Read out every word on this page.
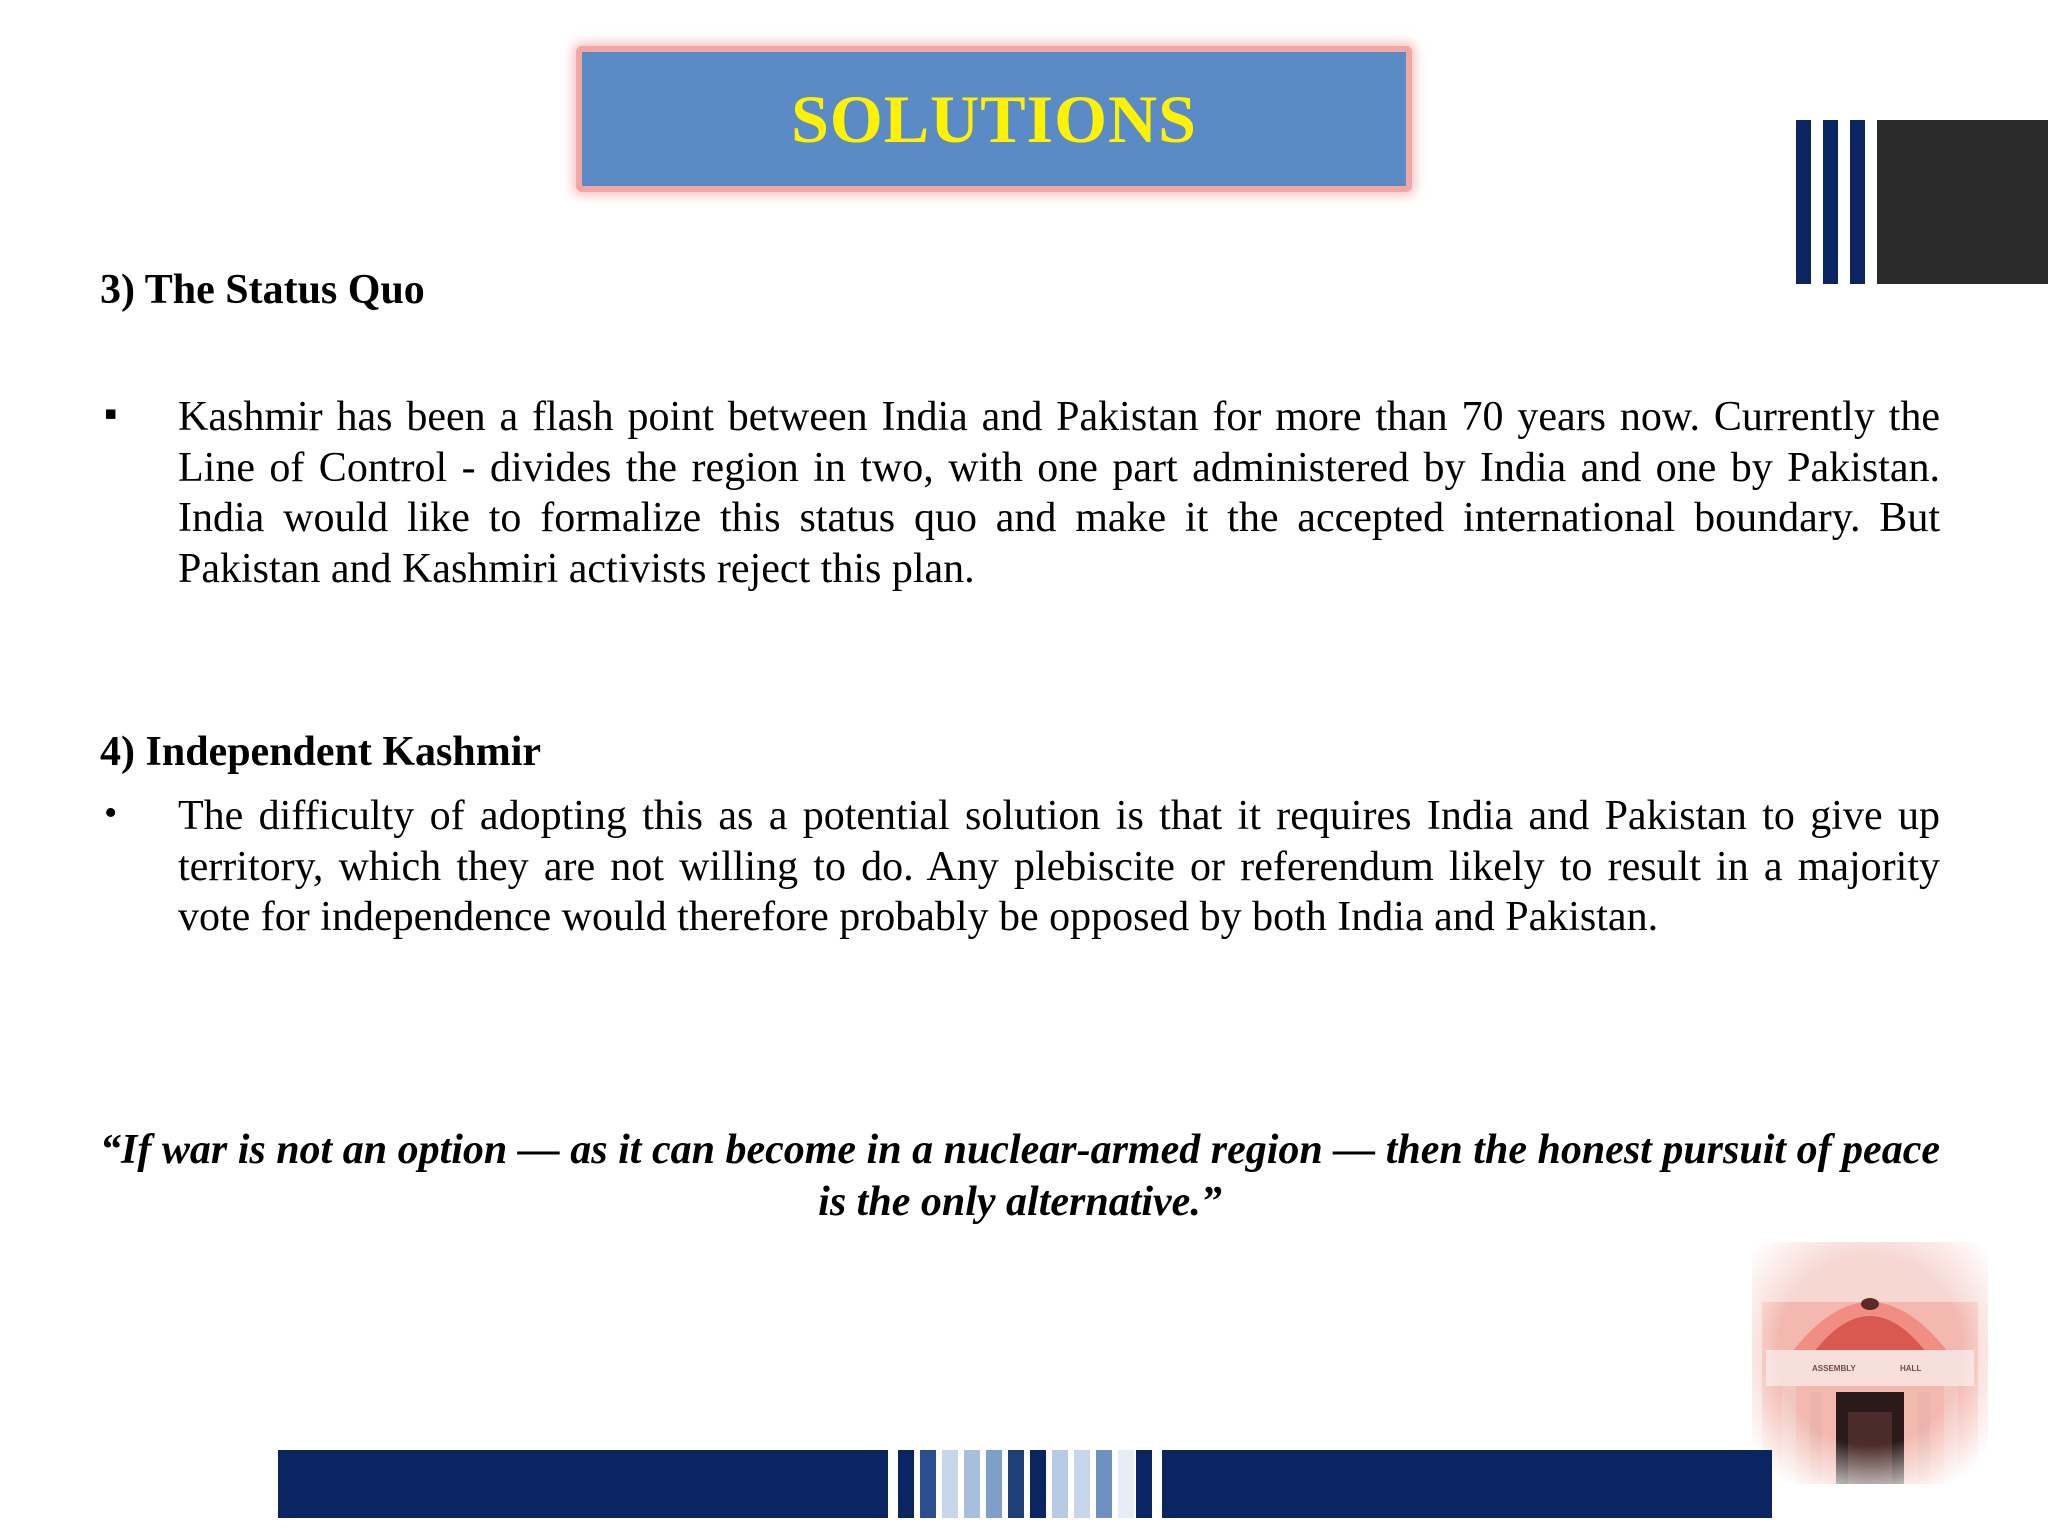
SOLUTIONS
3) The Status Quo
▪ Kashmir has been a flash point between India and Pakistan for more than 70 years now. Currently the Line of Control - divides the region in two, with one part administered by India and one by Pakistan. India would like to formalize this status quo and make it the accepted international boundary. But Pakistan and Kashmiri activists reject this plan.
4) Independent Kashmir
• The difficulty of adopting this as a potential solution is that it requires India and Pakistan to give up territory, which they are not willing to do. Any plebiscite or referendum likely to result in a majority vote for independence would therefore probably be opposed by both India and Pakistan.
“If war is not an option — as it can become in a nuclear-armed region — then the honest pursuit of peace is the only alternative.”
